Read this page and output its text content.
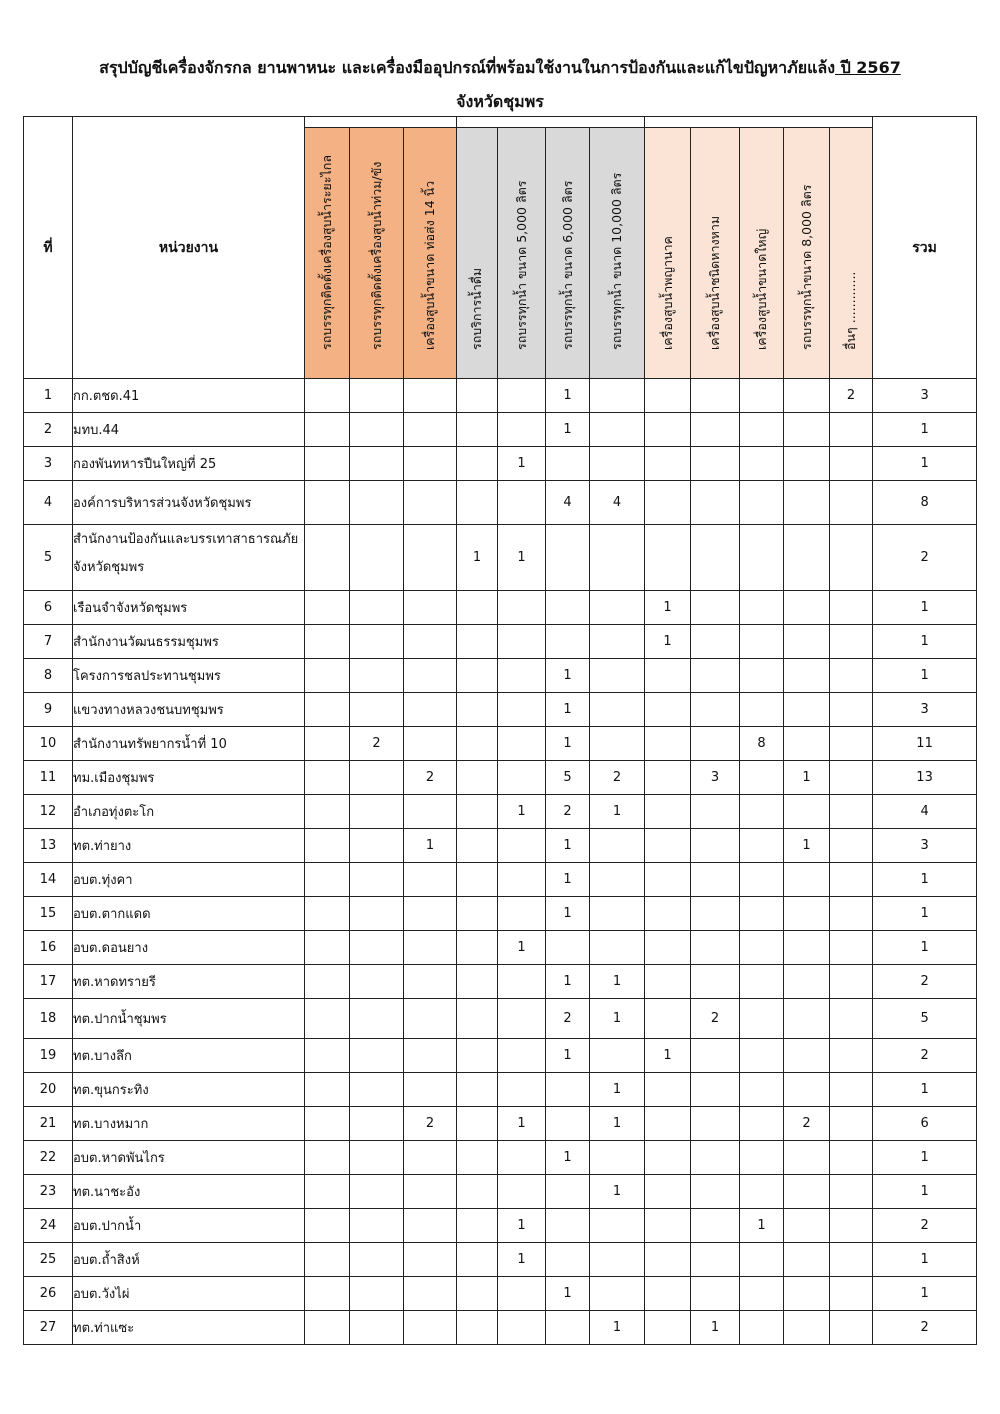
สรุปบัญชีเครื่องจักรกล ยานพาหนะ และเครื่องมืออุปกรณ์ที่พร้อมใช้งานในการป้องกันและแก้ไขปัญหาภัยแล้ง ปี 2567
จังหวัดชุมพร
ที่	หน่วยงาน													รวม

		รถบรรทุกติดตั้งเครื่องสูบน้ำระยะไกล	รถบรรทุกติดตั้งเครื่องสูบน้ำท่วม/ขัง	เครื่องสูบน้ำขนาด ท่อส่ง 14 นิ้ว	รถบริการน้ำดื่ม	รถบรรทุกน้ำ ขนาด 5,000 ลิตร	รถบรรทุกน้ำ ขนาด 6,000 ลิตร	รถบรรทุกน้ำ ขนาด 10,000 ลิตร	เครื่องสูบน้ำพญานาค	เครื่องสูบน้ำชนิดหางหาม	เครื่องสูบน้ำขนาดใหญ่	รถบรรทุกน้ำขนาด 8,000 ลิตร	อื่นๆ .............	

1	กก.ตชด.41						1						2	3
2	มทบ.44						1							1
3	กองพันทหารปืนใหญ่ที่ 25					1								1
4	องค์การบริหารส่วนจังหวัดชุมพร						4	4						8
5	สำนักงานป้องกันและบรรเทาสาธารณภัยจังหวัดชุมพร				1	1								2
6	เรือนจำจังหวัดชุมพร								1					1
7	สำนักงานวัฒนธรรมชุมพร								1					1
8	โครงการชลประทานชุมพร						1							1
9	แขวงทางหลวงชนบทชุมพร						1							3
10	สำนักงานทรัพยากรน้ำที่ 10		2				1				8			11
11	ทม.เมืองชุมพร			2			5	2		3		1		13
12	อำเภอทุ่งตะโก					1	2	1						4
13	ทต.ท่ายาง			1			1					1		3
14	อบต.ทุ่งคา						1							1
15	อบต.ตากแดด						1							1
16	อบต.ดอนยาง					1								1
17	ทต.หาดทรายรี						1	1						2
18	ทต.ปากน้ำชุมพร						2	1		2				5
19	ทต.บางลึก						1		1					2
20	ทต.ขุนกระทิง							1						1
21	ทต.บางหมาก			2		1		1				2		6
22	อบต.หาดพันไกร						1							1
23	ทต.นาชะอัง							1						1
24	อบต.ปากน้ำ					1					1			2
25	อบต.ถ้ำสิงห์					1								1
26	อบต.วังไผ่						1							1
27	ทต.ท่าแซะ							1		1				2
